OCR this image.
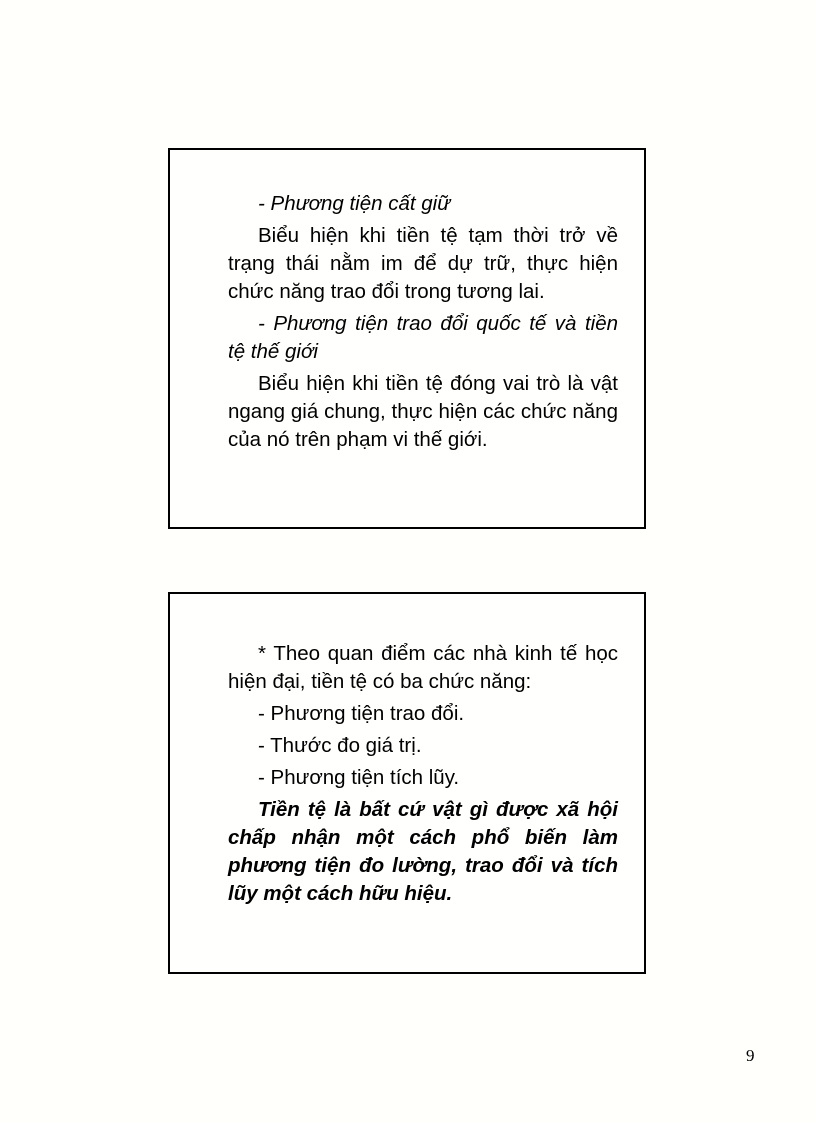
- Phương tiện cất giữ

Biểu hiện khi tiền tệ tạm thời trở về trạng thái nằm im để dự trữ, thực hiện chức năng trao đổi trong tương lai.

- Phương tiện trao đổi quốc tế và tiền tệ thế giới

Biểu hiện khi tiền tệ đóng vai trò là vật ngang giá chung, thực hiện các chức năng của nó trên phạm vi thế giới.

* Theo quan điểm các nhà kinh tế học hiện đại, tiền tệ có ba chức năng:

- Phương tiện trao đổi.

- Thước đo giá trị.

- Phương tiện tích lũy.

Tiền tệ là bất cứ vật gì được xã hội chấp nhận một cách phổ biến làm phương tiện đo lường, trao đổi và tích lũy một cách hữu hiệu.

9
